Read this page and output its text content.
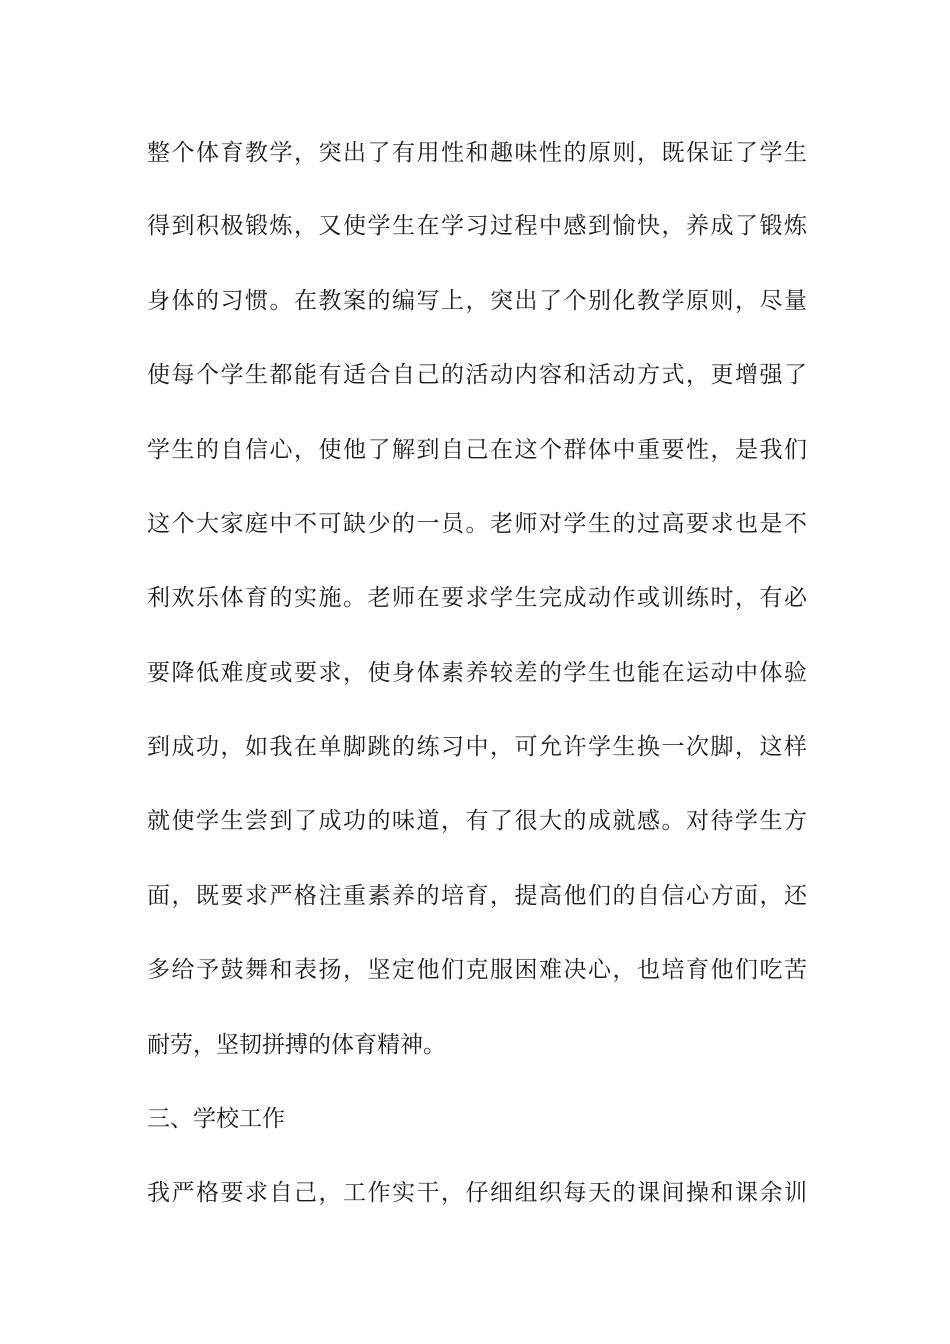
整个体育教学，突出了有用性和趣味性的原则，既保证了学生
得到积极锻炼，又使学生在学习过程中感到愉快，养成了锻炼
身体的习惯。在教案的编写上，突出了个别化教学原则，尽量
使每个学生都能有适合自己的活动内容和活动方式，更增强了
学生的自信心，使他了解到自己在这个群体中重要性，是我们
这个大家庭中不可缺少的一员。老师对学生的过高要求也是不
利欢乐体育的实施。老师在要求学生完成动作或训练时，有必
要降低难度或要求，使身体素养较差的学生也能在运动中体验
到成功，如我在单脚跳的练习中，可允许学生换一次脚，这样
就使学生尝到了成功的味道，有了很大的成就感。对待学生方
面，既要求严格注重素养的培育，提高他们的自信心方面，还
多给予鼓舞和表扬，坚定他们克服困难决心，也培育他们吃苦
耐劳，坚韧拼搏的体育精神。
三、学校工作
我严格要求自己，工作实干，仔细组织每天的课间操和课余训
